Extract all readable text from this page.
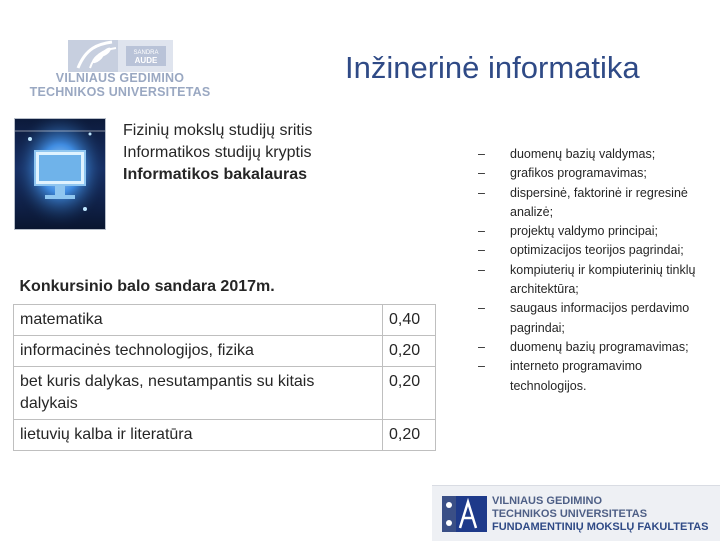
SANDRA
AUDE
VILNIAUS GEDIMINO
TECHNIKOS UNIVERSITETAS
Inžinerinė informatika
Fizinių mokslų studijų sritis
Informatikos studijų kryptis
Informatikos bakalauras
Konkursinio balo sandara 2017m.	
matematika	0,40
informacinės technologijos, fizika	0,20
bet kuris dalykas, nesutampantis su kitais dalykais	0,20
lietuvių kalba ir literatūra	0,20
– duomenų bazių valdymas;
– grafikos programavimas;
– dispersinė, faktorinė ir regresinė analizė;
– projektų valdymo principai;
– optimizacijos teorijos pagrindai;
– kompiuterių ir kompiuterinių tinklų architektūra;
– saugaus informacijos perdavimo pagrindai;
– duomenų bazių programavimas;
– interneto programavimo technologijos.
VILNIAUS GEDIMINO
TECHNIKOS UNIVERSITETAS
FUNDAMENTINIŲ MOKSLŲ FAKULTETAS
